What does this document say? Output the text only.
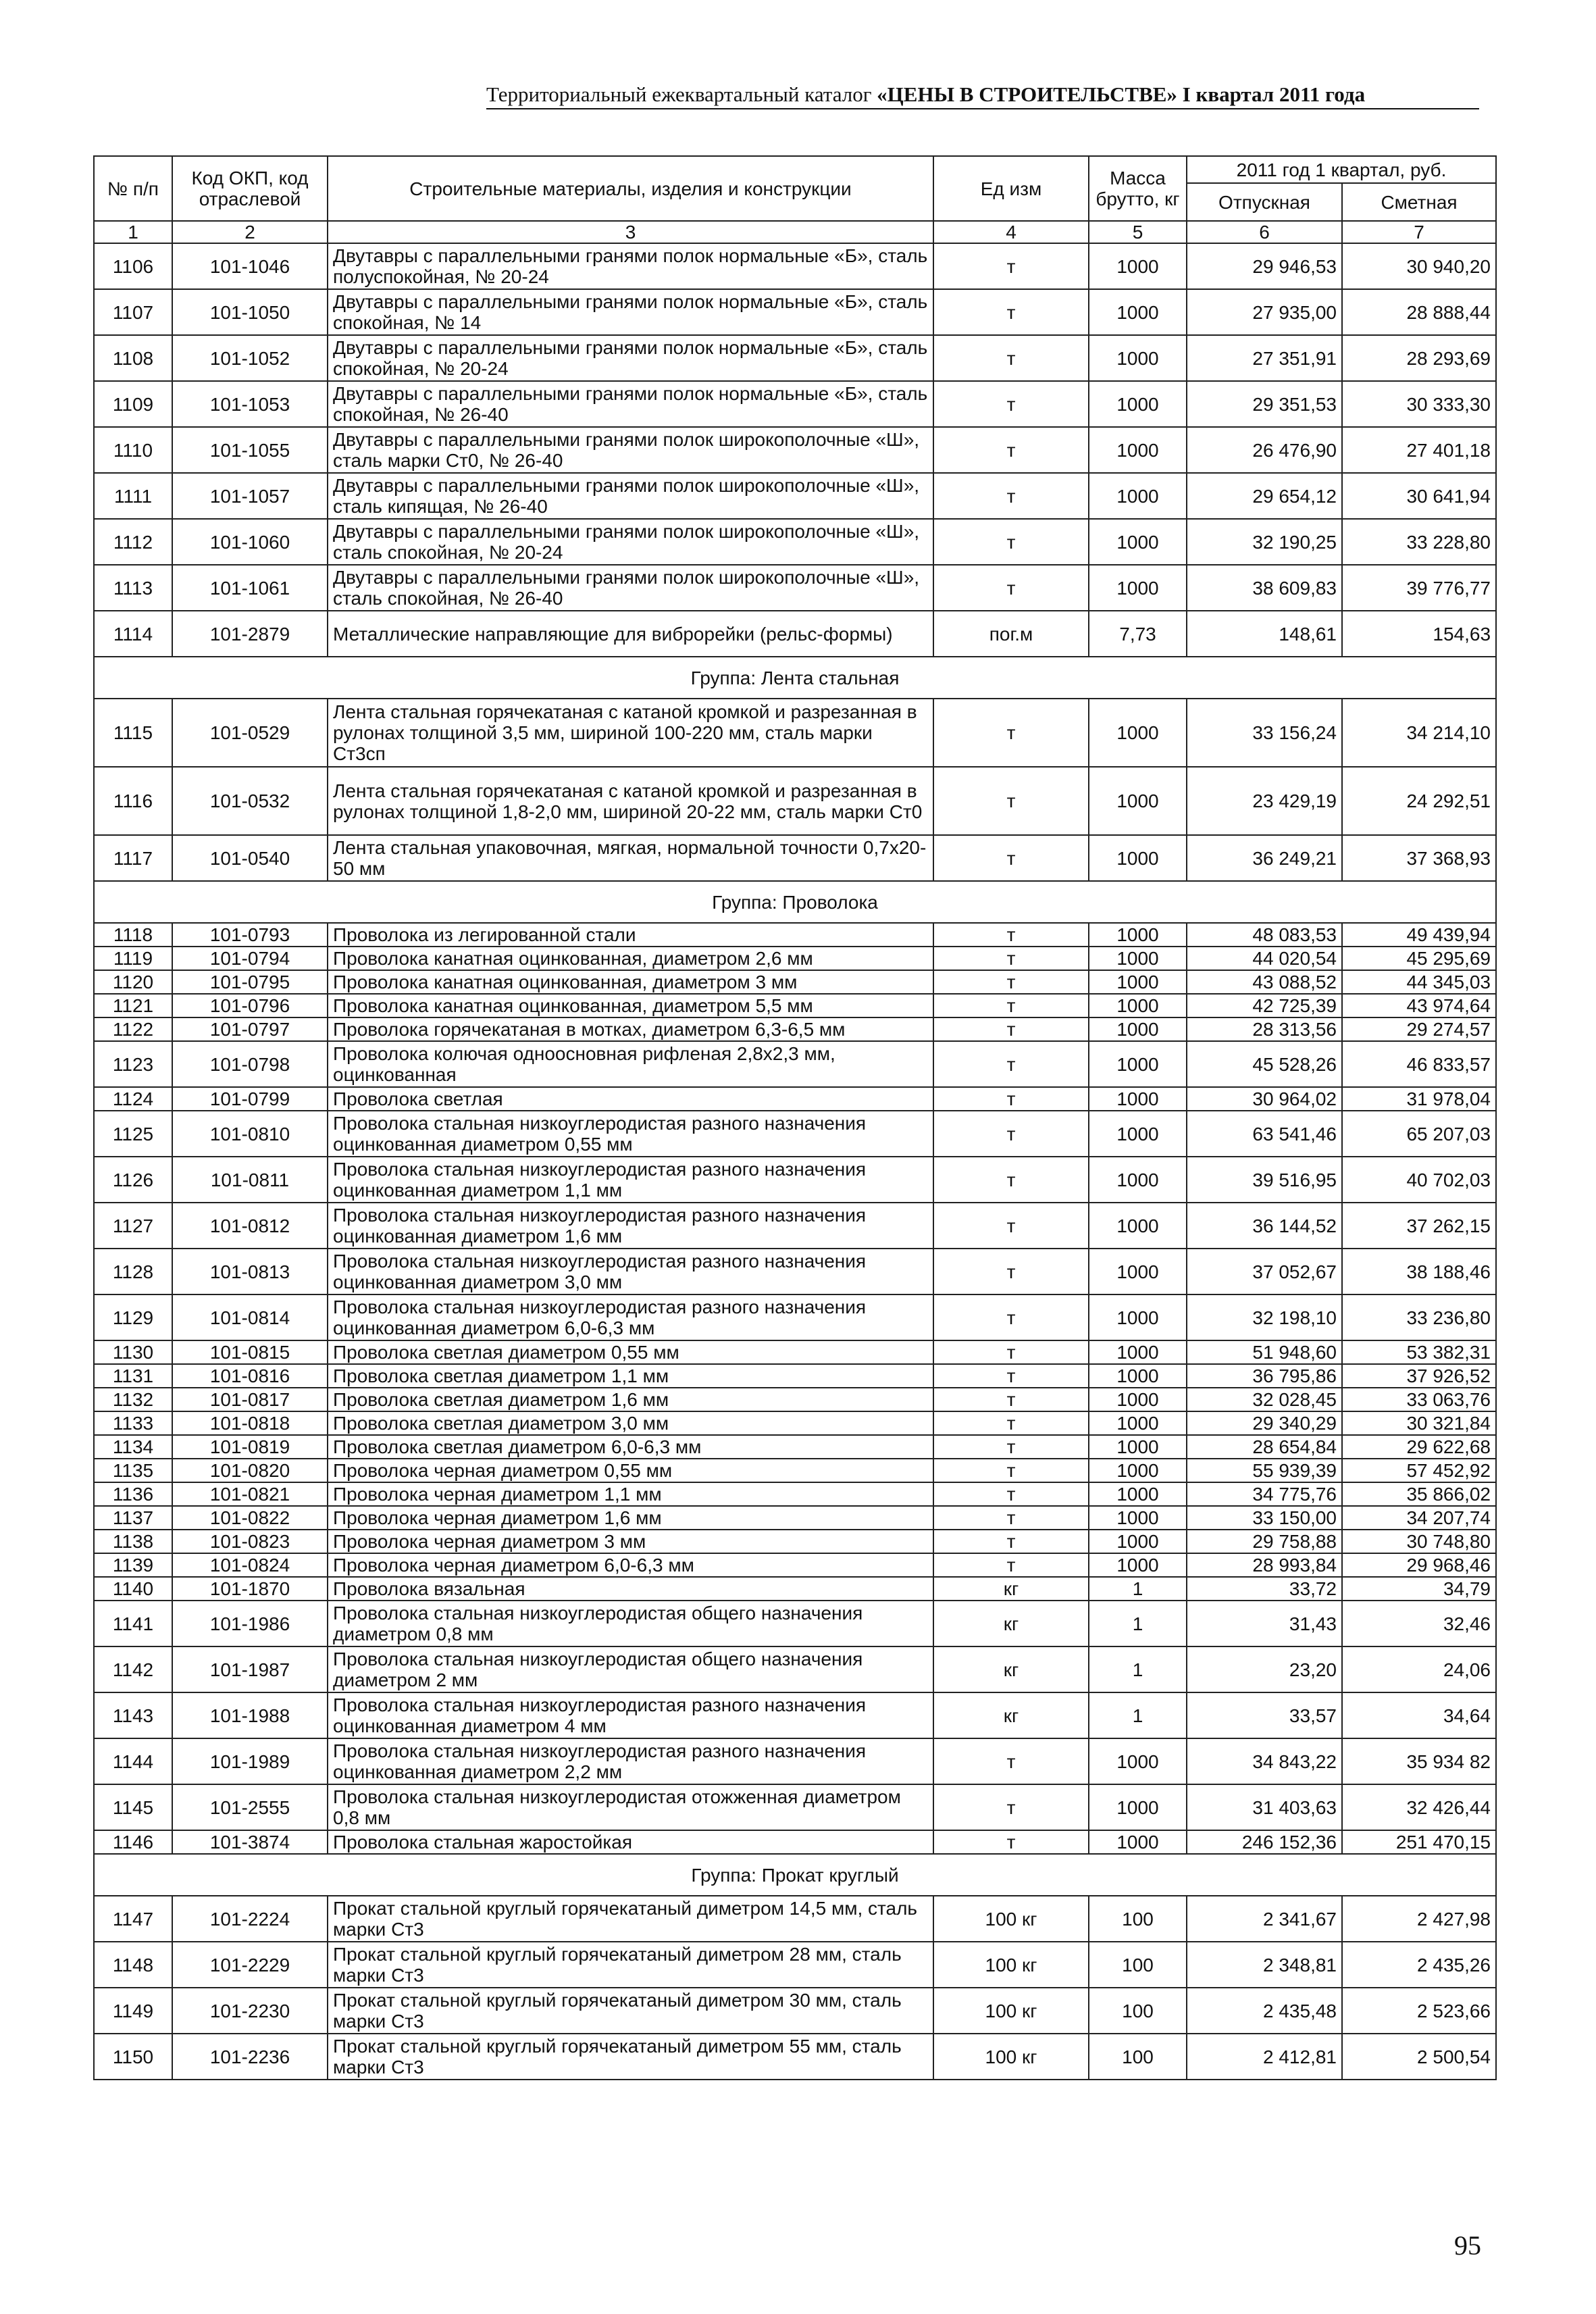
Территориальный ежеквартальный каталог «ЦЕНЫ В СТРОИТЕЛЬСТВЕ» I квартал 2011 года
№ п/п	Код ОКП, код отраслевой	Строительные материалы, изделия и конструкции	Ед изм	Масса брутто, кг	2011 год 1 квартал, руб.	
					Отпускная	Сметная
1	2	3	4	5	6	7
1106	101-1046	Двутавры с параллельными гранями полок нормальные «Б», сталь полуспокойная, № 20-24	т	1000	29 946,53	30 940,20
1107	101-1050	Двутавры с параллельными гранями полок нормальные «Б», сталь спокойная, № 14	т	1000	27 935,00	28 888,44
1108	101-1052	Двутавры с параллельными гранями полок нормальные «Б», сталь спокойная, № 20-24	т	1000	27 351,91	28 293,69
1109	101-1053	Двутавры с параллельными гранями полок нормальные «Б», сталь спокойная, № 26-40	т	1000	29 351,53	30 333,30
1110	101-1055	Двутавры с параллельными гранями полок широкополочные «Ш», сталь марки Ст0, № 26-40	т	1000	26 476,90	27 401,18
1111	101-1057	Двутавры с параллельными гранями полок широкополочные «Ш», сталь кипящая, № 26-40	т	1000	29 654,12	30 641,94
1112	101-1060	Двутавры с параллельными гранями полок широкополочные «Ш», сталь спокойная, № 20-24	т	1000	32 190,25	33 228,80
1113	101-1061	Двутавры с параллельными гранями полок широкополочные «Ш», сталь спокойная, № 26-40	т	1000	38 609,83	39 776,77
1114	101-2879	Металлические направляющие для виброрейки (рельс-формы)	пог.м	7,73	148,61	154,63
Группа: Лента стальная						
1115	101-0529	Лента стальная горячекатаная с катаной кромкой и разрезанная в рулонах толщиной 3,5 мм, шириной 100-220 мм, сталь марки Ст3сп	т	1000	33 156,24	34 214,10
1116	101-0532	Лента стальная горячекатаная с катаной кромкой и разрезанная в рулонах толщиной 1,8-2,0 мм, шириной 20-22 мм, сталь марки Ст0	т	1000	23 429,19	24 292,51
1117	101-0540	Лента стальная упаковочная, мягкая, нормальной точности 0,7х20-50 мм	т	1000	36 249,21	37 368,93
Группа: Проволока						
1118	101-0793	Проволока из легированной стали	т	1000	48 083,53	49 439,94
1119	101-0794	Проволока канатная оцинкованная, диаметром 2,6 мм	т	1000	44 020,54	45 295,69
1120	101-0795	Проволока канатная оцинкованная, диаметром 3 мм	т	1000	43 088,52	44 345,03
1121	101-0796	Проволока канатная оцинкованная, диаметром 5,5 мм	т	1000	42 725,39	43 974,64
1122	101-0797	Проволока горячекатаная в мотках, диаметром 6,3-6,5 мм	т	1000	28 313,56	29 274,57
1123	101-0798	Проволока колючая одноосновная рифленая 2,8х2,3 мм, оцинкованная	т	1000	45 528,26	46 833,57
1124	101-0799	Проволока светлая	т	1000	30 964,02	31 978,04
1125	101-0810	Проволока стальная низкоуглеродистая разного назначения оцинкованная диаметром 0,55 мм	т	1000	63 541,46	65 207,03
1126	101-0811	Проволока стальная низкоуглеродистая разного назначения оцинкованная диаметром 1,1 мм	т	1000	39 516,95	40 702,03
1127	101-0812	Проволока стальная низкоуглеродистая разного назначения оцинкованная диаметром 1,6 мм	т	1000	36 144,52	37 262,15
1128	101-0813	Проволока стальная низкоуглеродистая разного назначения оцинкованная диаметром 3,0 мм	т	1000	37 052,67	38 188,46
1129	101-0814	Проволока стальная низкоуглеродистая разного назначения оцинкованная диаметром 6,0-6,3 мм	т	1000	32 198,10	33 236,80
1130	101-0815	Проволока светлая диаметром 0,55 мм	т	1000	51 948,60	53 382,31
1131	101-0816	Проволока светлая диаметром 1,1 мм	т	1000	36 795,86	37 926,52
1132	101-0817	Проволока светлая диаметром 1,6 мм	т	1000	32 028,45	33 063,76
1133	101-0818	Проволока светлая диаметром 3,0 мм	т	1000	29 340,29	30 321,84
1134	101-0819	Проволока светлая диаметром 6,0-6,3 мм	т	1000	28 654,84	29 622,68
1135	101-0820	Проволока черная диаметром 0,55 мм	т	1000	55 939,39	57 452,92
1136	101-0821	Проволока черная диаметром 1,1 мм	т	1000	34 775,76	35 866,02
1137	101-0822	Проволока черная диаметром 1,6 мм	т	1000	33 150,00	34 207,74
1138	101-0823	Проволока черная диаметром 3 мм	т	1000	29 758,88	30 748,80
1139	101-0824	Проволока черная диаметром 6,0-6,3 мм	т	1000	28 993,84	29 968,46
1140	101-1870	Проволока вязальная	кг	1	33,72	34,79
1141	101-1986	Проволока стальная низкоуглеродистая общего назначения диаметром 0,8 мм	кг	1	31,43	32,46
1142	101-1987	Проволока стальная низкоуглеродистая общего назначения диаметром 2 мм	кг	1	23,20	24,06
1143	101-1988	Проволока стальная низкоуглеродистая разного назначения оцинкованная диаметром 4 мм	кг	1	33,57	34,64
1144	101-1989	Проволока стальная низкоуглеродистая разного назначения оцинкованная диаметром 2,2 мм	т	1000	34 843,22	35 934 82
1145	101-2555	Проволока стальная низкоуглеродистая отожженная диаметром 0,8 мм	т	1000	31 403,63	32 426,44
1146	101-3874	Проволока стальная жаростойкая	т	1000	246 152,36	251 470,15
Группа: Прокат круглый						
1147	101-2224	Прокат стальной круглый горячекатаный диметром 14,5 мм, сталь марки Ст3	100 кг	100	2 341,67	2 427,98
1148	101-2229	Прокат стальной круглый горячекатаный диметром 28 мм, сталь марки Ст3	100 кг	100	2 348,81	2 435,26
1149	101-2230	Прокат стальной круглый горячекатаный диметром 30 мм, сталь марки Ст3	100 кг	100	2 435,48	2 523,66
1150	101-2236	Прокат стальной круглый горячекатаный диметром 55 мм, сталь марки Ст3	100 кг	100	2 412,81	2 500,54
95
